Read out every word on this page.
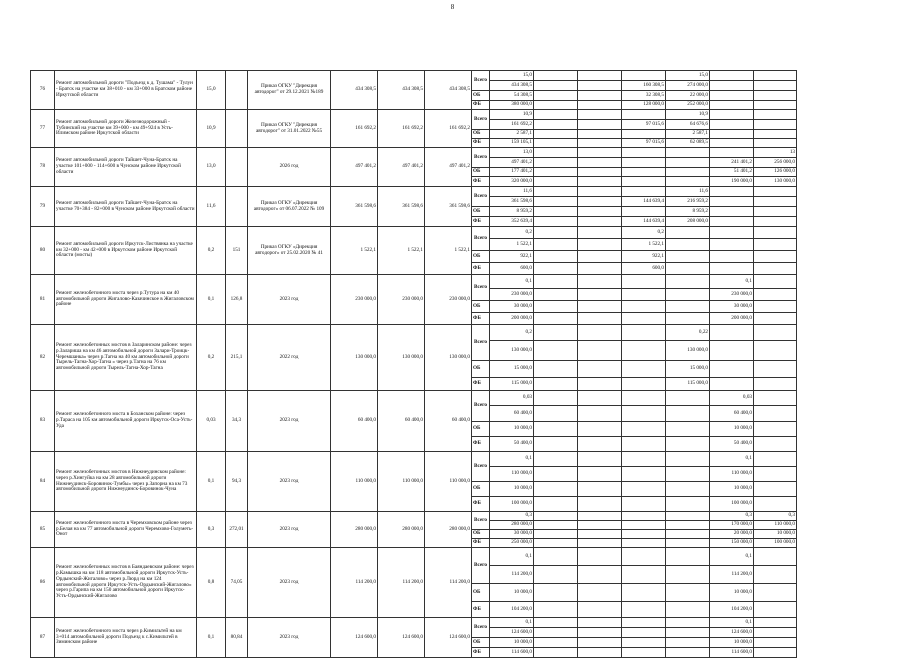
8
76	Ремонт автомобильной дороги "Подъезд к д. Тушама" - Тулун - Братск на участке км 38+010 - км 33+000 в Братском районе Иркутской области	15,0		Приказ ОГКУ "Дирекция автодорог" от 29.12.2021 №189	434 308,5	434 308,5	434 308,5	Всего	15,0				15,0		
									434 308,5			160 308,5	274 000,0		
								ОБ	54 308,5			32 308,5	22 000,0		
								ФБ	380 000,0			128 000,0	252 000,0		
77	Ремонт автомобильной дороги Железнодорожный - Тубинский на участке км 39+000 - км 49+924 в Усть-Илимском районе Иркутской области	10,9		Приказ ОГКУ "Дирекция автодорог" от 31.01.2022 №55	161 692,2	161 692,2	161 692,2	Всего	10,9				10,9		
									161 692,2			97 015,6	64 676,6		
								ОБ	2 587,1				2 587,1		
								ФБ	159 105,1			97 015,6	62 089,5		
78	Ремонт автомобильной дороги Тайшет-Чуна-Братск на участке 101+000 - 114+600 в Чунском районе Иркутской области	13,0		2026 год	497 401,2	497 401,2	497 401,2	Всего	13,0						13
									497 401,2					241 401,2	256 000,0
								ОБ	177 401,2					51 401,2	126 000,0
								ФБ	320 000,0					190 000,0	130 000,0
79	Ремонт автомобильной дороги Тайшет-Чуна-Братск на участке 70+384 - 82+000 в Чунском районе Иркутской области	11,6		Приказ ОГКУ «Дирекция автодорог» от 06.07.2022 № 109	361 598,6	361 598,6	361 598,6	Всего	11,6				11,6		
									361 598,6			144 639,4	216 959,2		
								ОБ	8 959,2				8 959,2		
								ФБ	352 639,4			144 639,4	208 000,0		
80	Ремонт автомобильной дороги Иркутск-Листвянка на участке км 32+000 - км 42+000 в Иркутском районе Иркутской области (мосты)	0,2	151	Приказ ОГКУ «Дирекция автодорог» от 25.02.2020 № 41	1 522,1	1 522,1	1 522,1	Всего	0,2			0,2			
									1 522,1			1 522,1			
								ОБ	922,1			922,1			
								ФБ	600,0			600,0			
81	Ремонт железобетонного моста через р.Тутура на км 40 автомобильной дороги Жигалово-Казачинское в Жигаловском районе	0,1	126,8	2023 год	230 000,0	230 000,0	230 000,0	Всего	0,1					0,1	
									230 000,0					230 000,0	
								ОБ	30 000,0					30 000,0	
								ФБ	200 000,0					200 000,0	
82	Ремонт железобетонных мостов в Заларинском районе: через р.Залариша на км 46 автомобильной дороги Залари-Троицк-Черемшанка» через р.Тагна на 40 км автомобильной дороги Тырель-Тагна-Хор-Тагна » через р.Тагна на 76 км автомобильной дороги Тырель-Тагна-Хор-Тагна	0,2	215,1	2022 год	130 000,0	130 000,0	130 000,0	Всего	0,2				0,22		
									130 000,0				130 000,0		
								ОБ	15 000,0				15 000,0		
								ФБ	115 000,0				115 000,0		
83	Ремонт железобетонного моста в Боханском районе: через р.Тараса на 105 км автомобильной дороги Иркутск-Оса-Усть-Уда	0,03	34,3	2023 год	60 400,0	60 400,0	60 400,0	Всего	0,03					0,03	
									60 400,0					60 400,0	
								ОБ	10 000,0					10 000,0	
								ФБ	50 400,0					50 400,0	
84	Ремонт железобетонных мостов в Нижнеудинском районе: через р.Хингуйка на км 28 автомобильной дороги Нижнеудинск-Боровинок-Тумбы» через р.Запорна на км 73 автомобильной дороги Нижнеудинск-Боровинок-Чуна	0,1	94,3	2023 год	110 000,0	110 000,0	110 000,0	Всего	0,1					0,1	
									110 000,0					110 000,0	
								ОБ	10 000,0					10 000,0	
								ФБ	100 000,0					100 000,0	
85	Ремонт железобетонного моста в Черемховском районе через р.Белая на км 77 автомобильной дороги Черемхово-Голуметь-Онот	0,3	272,01	2023 год	280 000,0	280 000,0	280 000,0	Всего	0,3					0,3	0,3
									280 000,0					170 000,0	110 000,0
								ОБ	30 000,0					20 000,0	10 000,0
								ФБ	250 000,0					150 000,0	100 000,0
86	Ремонт железобетонных мостов в Баяндаевском районе: через р.Камышка на км 118 автомобильной дороги Иркутск-Усть-Ордынский-Жигалово» через р.Люрд на км 124 автомобильной дороги Иркутск-Усть-Ордынский-Жигалово» через р.Гарипа на км 150 автомобильной дороги Иркутск-Усть-Ордынский-Жигалово	0,8	74,05	2023 год	114 200,0	114 200,0	114 200,0	Всего	0,1					0,1	
									114 200,0					114 200,0	
								ОБ	10 000,0					10 000,0	
								ФБ	104 200,0					104 200,0	
87	Ремонт железобетонного моста через р.Кимильтей на км 3+014 автомобильной дороги Подъезд к с.Кимильтей в Зиминском районе	0,1	80,84	2023 год	124 600,0	124 600,0	124 600,0	Всего	0,1					0,1	
									124 600,0					124 600,0	
								ОБ	10 000,0					10 000,0	
								ФБ	114 600,0					114 600,0	
